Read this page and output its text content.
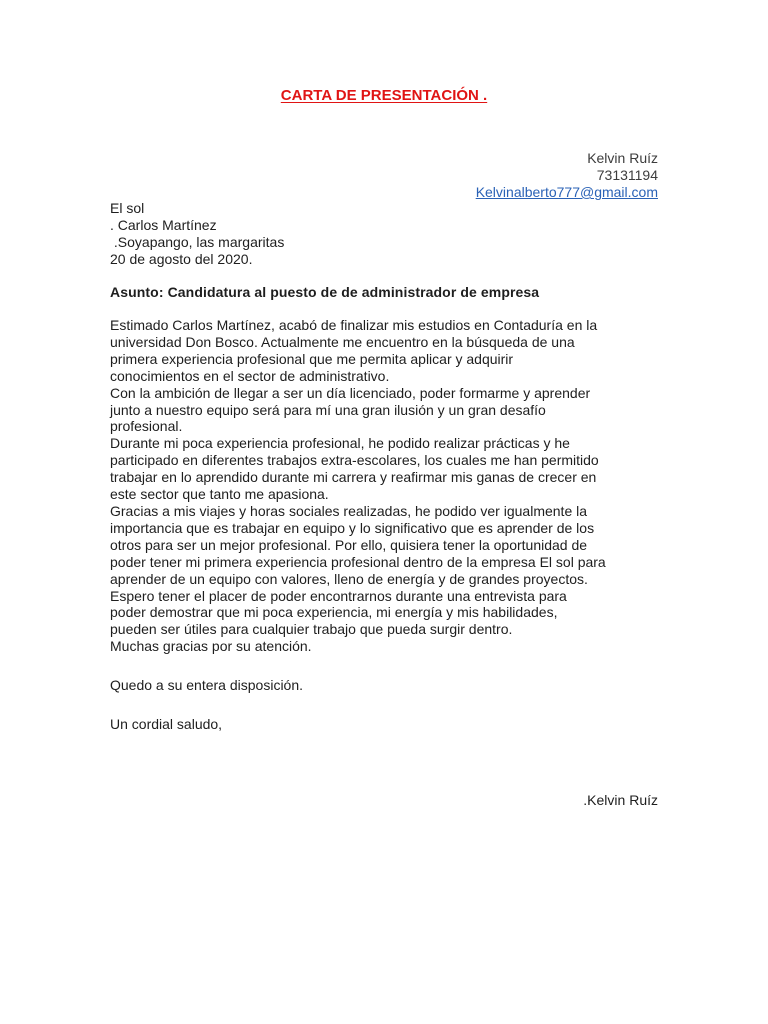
CARTA DE PRESENTACIÓN .
Kelvin Ruíz
73131194
Kelvinalberto777@gmail.com
El sol
. Carlos Martínez
.Soyapango, las margaritas
20 de agosto del 2020.
Asunto: Candidatura al puesto de de administrador de empresa
Estimado Carlos Martínez, acabó de finalizar mis estudios en Contaduría en la
universidad Don Bosco. Actualmente me encuentro en la búsqueda de una
primera experiencia profesional que me permita aplicar y adquirir
conocimientos en el sector de administrativo.
Con la ambición de llegar a ser un día licenciado, poder formarme y aprender
junto a nuestro equipo será para mí una gran ilusión y un gran desafío
profesional.
Durante mi poca experiencia profesional, he podido realizar prácticas y he
participado en diferentes trabajos extra-escolares, los cuales me han permitido
trabajar en lo aprendido durante mi carrera y reafirmar mis ganas de crecer en
este sector que tanto me apasiona.
Gracias a mis viajes y horas sociales realizadas, he podido ver igualmente la
importancia que es trabajar en equipo y lo significativo que es aprender de los
otros para ser un mejor profesional. Por ello, quisiera tener la oportunidad de
poder tener mi primera experiencia profesional dentro de la empresa El sol para
aprender de un equipo con valores, lleno de energía y de grandes proyectos.
Espero tener el placer de poder encontrarnos durante una entrevista para
poder demostrar que mi poca experiencia, mi energía y mis habilidades,
pueden ser útiles para cualquier trabajo que pueda surgir dentro.
Muchas gracias por su atención.
Quedo a su entera disposición.
Un cordial saludo,
.Kelvin Ruíz
